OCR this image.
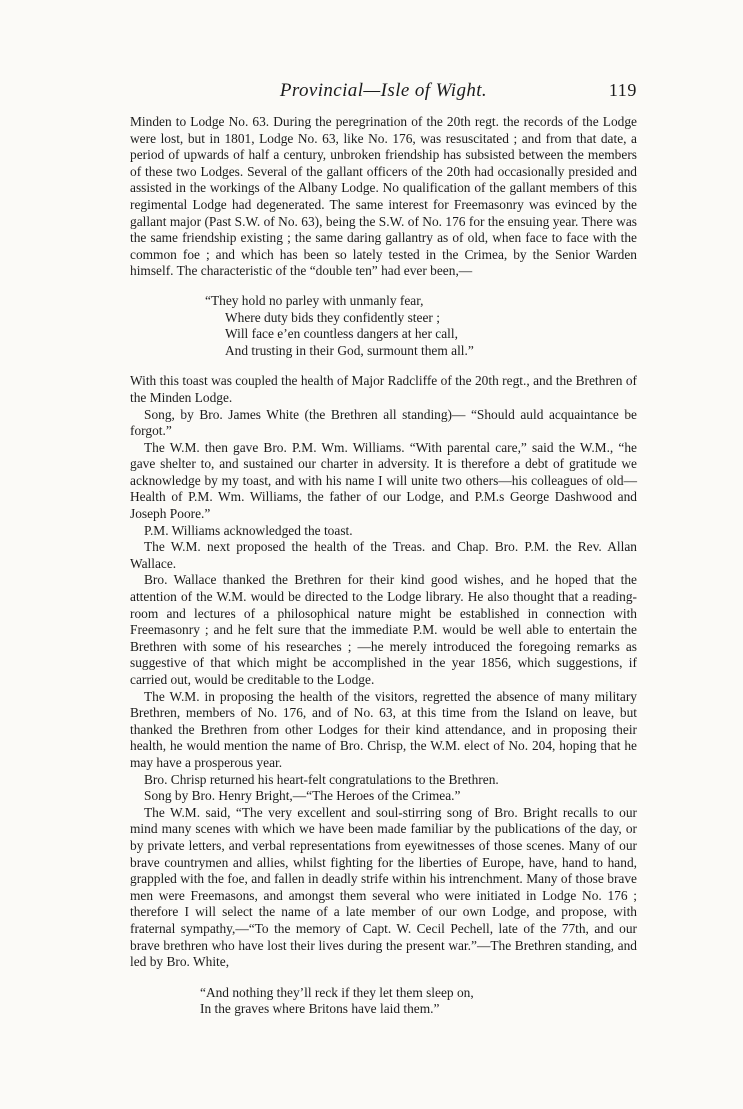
Provincial—Isle of Wight.	119

Minden to Lodge No. 63. During the peregrination of the 20th regt. the records of the Lodge were lost, but in 1801, Lodge No. 63, like No. 176, was resuscitated ; and from that date, a period of upwards of half a century, unbroken friendship has subsisted between the members of these two Lodges. Several of the gallant officers of the 20th had occasionally presided and assisted in the workings of the Albany Lodge. No qualification of the gallant members of this regimental Lodge had degenerated. The same interest for Freemasonry was evinced by the gallant major (Past S.W. of No. 63), being the S.W. of No. 176 for the ensuing year. There was the same friendship existing ; the same daring gallantry as of old, when face to face with the common foe ; and which has been so lately tested in the Crimea, by the Senior Warden himself. The characteristic of the “double ten” had ever been,—

“They hold no parley with unmanly fear,
Where duty bids they confidently steer ;
Will face e’en countless dangers at her call,
And trusting in their God, surmount them all.”

With this toast was coupled the health of Major Radcliffe of the 20th regt., and the Brethren of the Minden Lodge.

Song, by Bro. James White (the Brethren all standing)— “Should auld acquaintance be forgot.”

The W.M. then gave Bro. P.M. Wm. Williams. “With parental care,” said the W.M., “he gave shelter to, and sustained our charter in adversity. It is therefore a debt of gratitude we acknowledge by my toast, and with his name I will unite two others—his colleagues of old—Health of P.M. Wm. Williams, the father of our Lodge, and P.M.s George Dashwood and Joseph Poore.”

P.M. Williams acknowledged the toast.

The W.M. next proposed the health of the Treas. and Chap. Bro. P.M. the Rev. Allan Wallace.

Bro. Wallace thanked the Brethren for their kind good wishes, and he hoped that the attention of the W.M. would be directed to the Lodge library. He also thought that a reading-room and lectures of a philosophical nature might be established in connection with Freemasonry ; and he felt sure that the immediate P.M. would be well able to entertain the Brethren with some of his researches ; —he merely introduced the foregoing remarks as suggestive of that which might be accomplished in the year 1856, which suggestions, if carried out, would be creditable to the Lodge.

The W.M. in proposing the health of the visitors, regretted the absence of many military Brethren, members of No. 176, and of No. 63, at this time from the Island on leave, but thanked the Brethren from other Lodges for their kind attendance, and in proposing their health, he would mention the name of Bro. Chrisp, the W.M. elect of No. 204, hoping that he may have a prosperous year.

Bro. Chrisp returned his heart-felt congratulations to the Brethren.

Song by Bro. Henry Bright,—“The Heroes of the Crimea.”

The W.M. said, “The very excellent and soul-stirring song of Bro. Bright recalls to our mind many scenes with which we have been made familiar by the publications of the day, or by private letters, and verbal representations from eyewitnesses of those scenes. Many of our brave countrymen and allies, whilst fighting for the liberties of Europe, have, hand to hand, grappled with the foe, and fallen in deadly strife within his intrenchment. Many of those brave men were Freemasons, and amongst them several who were initiated in Lodge No. 176 ; therefore I will select the name of a late member of our own Lodge, and propose, with fraternal sympathy,—“To the memory of Capt. W. Cecil Pechell, late of the 77th, and our brave brethren who have lost their lives during the present war.”—The Brethren standing, and led by Bro. White,

“And nothing they’ll reck if they let them sleep on,
In the graves where Britons have laid them.”
